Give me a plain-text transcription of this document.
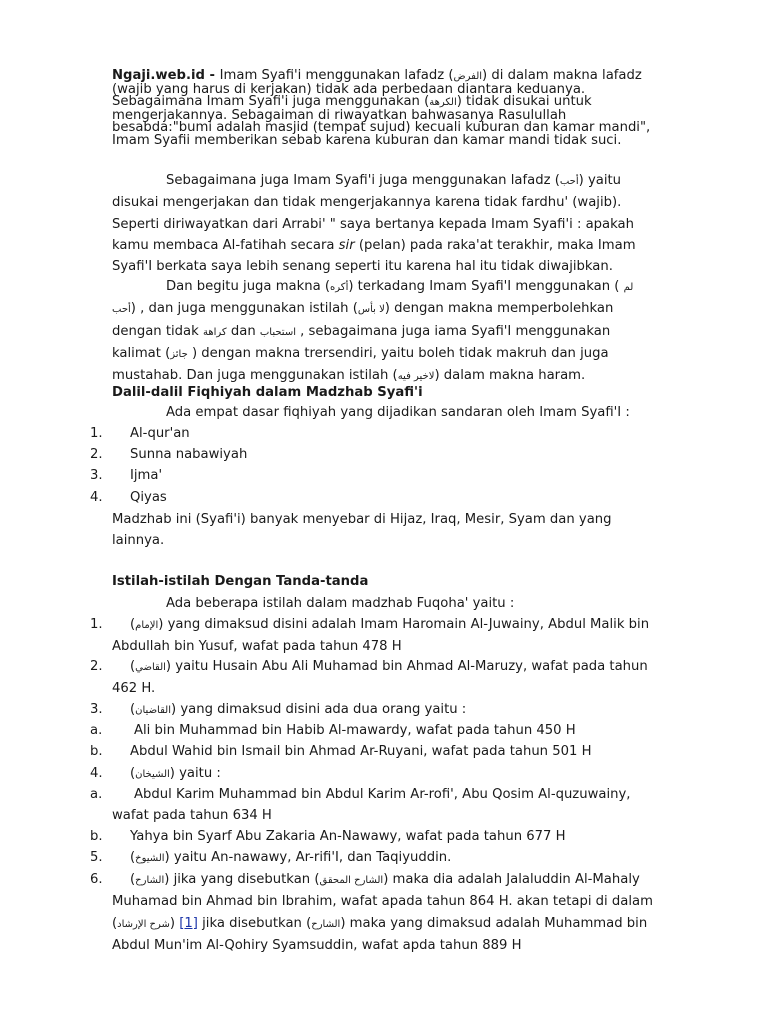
Ngaji.web.id - Imam Syafi'i menggunakan lafadz (الفرض) di dalam makna lafadz (wajib yang harus di kerjakan) tidak ada perbedaan diantara keduanya. Sebagaimana Imam Syafi'i juga menggunakan (الكرهة) tidak disukai untuk mengerjakannya. Sebagaiman di riwayatkan bahwasanya Rasulullah besabda:"bumi adalah masjid (tempat sujud) kecuali kuburan dan kamar mandi", Imam Syafii memberikan sebab karena kuburan dan kamar mandi tidak suci.
Sebagaimana juga Imam Syafi'i juga menggunakan lafadz (أحب) yaitu disukai mengerjakan dan tidak mengerjakannya karena tidak fardhu' (wajib). Seperti diriwayatkan dari Arrabi' " saya bertanya kepada Imam Syafi'i : apakah kamu membaca Al-fatihah secara sir (pelan) pada raka'at terakhir, maka Imam Syafi'I berkata saya lebih senang seperti itu karena hal itu tidak diwajibkan.
Dan begitu juga makna (أكره) terkadang Imam Syafi'I menggunakan ( لم أحب) , dan juga menggunakan istilah (لا بأس) dengan makna memperbolehkan dengan tidak كراهة dan استحباب , sebagaimana juga iama Syafi'I menggunakan kalimat (جائز ) dengan makna trersendiri, yaitu boleh tidak makruh dan juga mustahab. Dan juga menggunakan istilah (لاخير فيه) dalam makna haram.
Dalil-dalil Fiqhiyah dalam Madzhab Syafi'i
Ada empat dasar fiqhiyah yang dijadikan sandaran oleh Imam Syafi'I :
1.	Al-qur'an
2.	Sunna nabawiyah
3.	Ijma'
4.	Qiyas
Madzhab ini (Syafi'i) banyak menyebar di Hijaz, Iraq, Mesir, Syam dan yang lainnya.
Istilah-istilah Dengan Tanda-tanda
Ada beberapa istilah dalam madzhab Fuqoha' yaitu :
1.	(الإمام) yang dimaksud disini adalah Imam Haromain Al-Juwainy, Abdul Malik bin Abdullah bin Yusuf, wafat pada tahun 478 H
2.	(القاضي) yaitu Husain Abu Ali Muhamad bin Ahmad Al-Maruzy, wafat pada tahun 462 H.
3.	(القاضيان) yang dimaksud disini ada dua orang yaitu :
a.	Ali bin Muhammad bin Habib Al-mawardy, wafat pada tahun 450 H
b.	Abdul Wahid bin Ismail bin Ahmad Ar-Ruyani, wafat pada tahun 501 H
4.	(الشيخان) yaitu :
a.	Abdul Karim Muhammad bin Abdul Karim Ar-rofi', Abu Qosim Al-quzuwainy, wafat pada tahun 634 H
b.	Yahya bin Syarf Abu Zakaria An-Nawawy, wafat pada tahun 677 H
5.	(الشيوخ) yaitu An-nawawy, Ar-rifi'I, dan Taqiyuddin.
6.	(الشارح) jika yang disebutkan (الشارح المحقق) maka dia adalah Jalaluddin Al-Mahaly Muhamad bin Ahmad bin Ibrahim, wafat apada tahun 864 H. akan tetapi di dalam (شرح الإرشاد) [1] jika disebutkan (الشارح) maka yang dimaksud adalah Muhammad bin Abdul Mun'im Al-Qohiry Syamsuddin, wafat apda tahun 889 H
